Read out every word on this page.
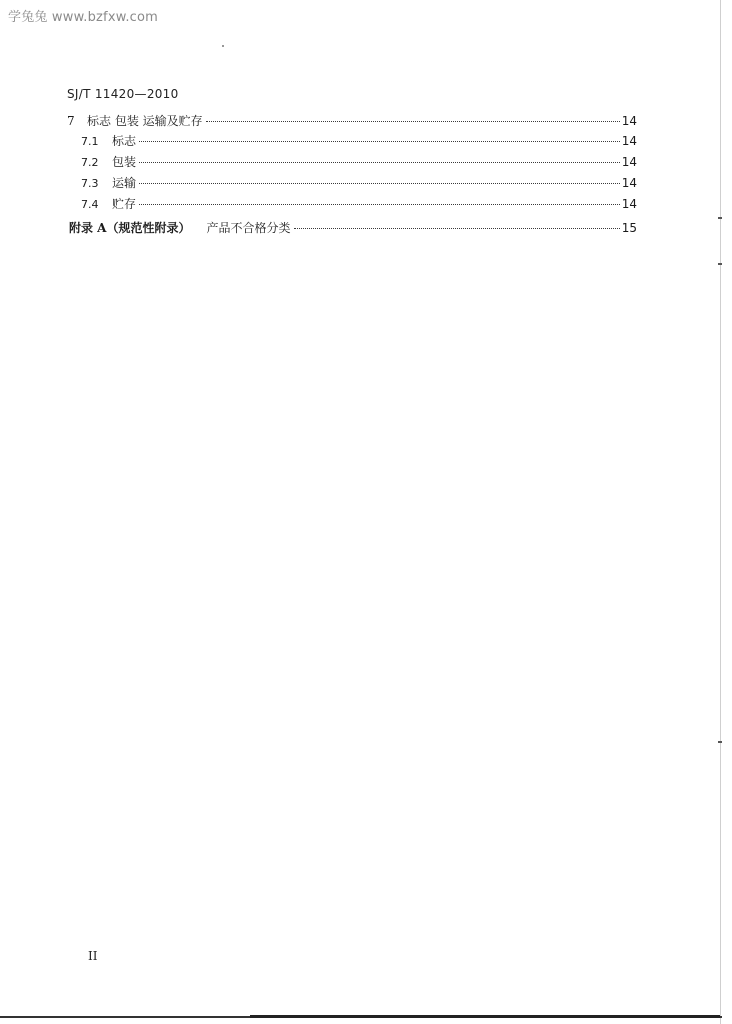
学兔兔 www.bzfxw.com
SJ/T 11420—2010
7	标志 包装 运输及贮存	14
7.1	标志	14
7.2	包装	14
7.3	运输	14
7.4	贮存	14
附录 A（规范性附录） 产品不合格分类	15
II
